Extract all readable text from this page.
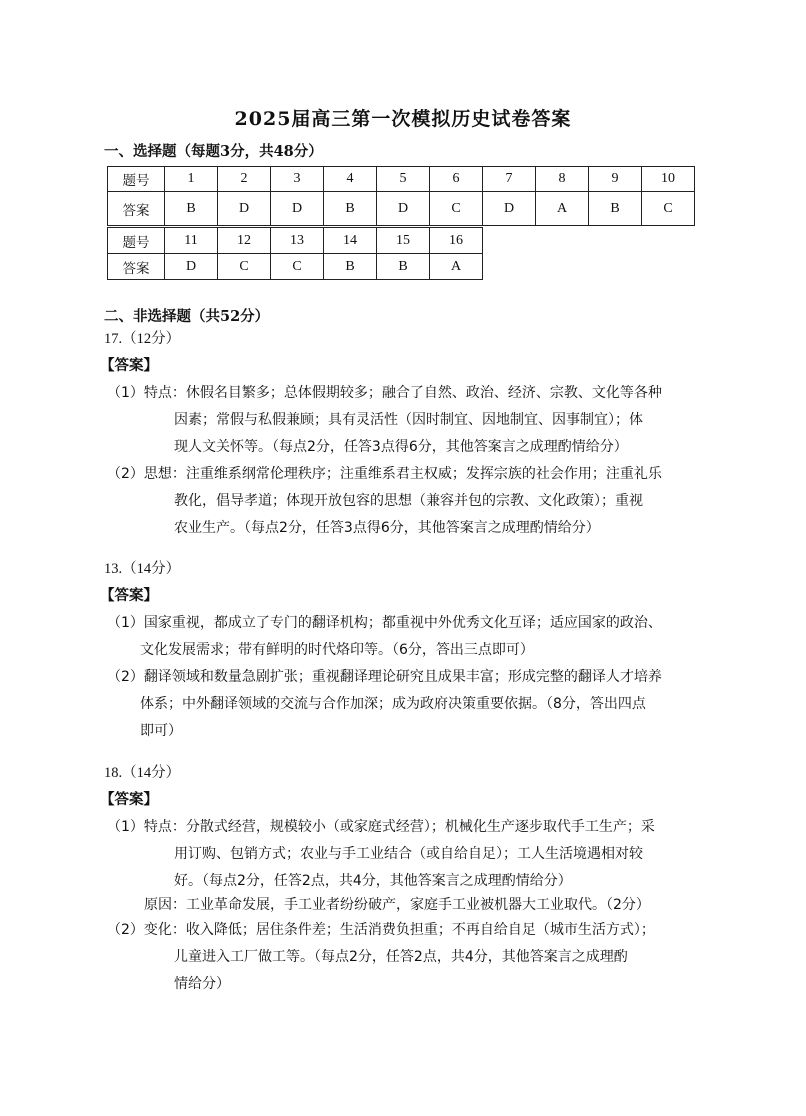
2025届高三第一次模拟历史试卷答案
一、选择题（每题3分，共48分）
题号	1	2	3	4	5	6	7	8	9	10
答案	B	D	D	B	D	C	D	A	B	C
题号	11	12	13	14	15	16
答案	D	C	C	B	B	A
二、非选择题（共52分）
17.（12分）
【答案】
（1）特点：休假名目繁多；总体假期较多；融合了自然、政治、经济、宗教、文化等各种
因素；常假与私假兼顾；具有灵活性（因时制宜、因地制宜、因事制宜）；体
现人文关怀等。（每点2分，任答3点得6分，其他答案言之成理酌情给分）
（2）思想：注重维系纲常伦理秩序；注重维系君主权威；发挥宗族的社会作用；注重礼乐
教化，倡导孝道；体现开放包容的思想（兼容并包的宗教、文化政策）；重视
农业生产。（每点2分，任答3点得6分，其他答案言之成理酌情给分）
13.（14分）
【答案】
（1）国家重视，都成立了专门的翻译机构；都重视中外优秀文化互译；适应国家的政治、
文化发展需求；带有鲜明的时代烙印等。（6分，答出三点即可）
（2）翻译领域和数量急剧扩张；重视翻译理论研究且成果丰富；形成完整的翻译人才培养
体系；中外翻译领域的交流与合作加深；成为政府决策重要依据。（8分，答出四点
即可）
18.（14分）
【答案】
（1）特点：分散式经营，规模较小（或家庭式经营）；机械化生产逐步取代手工生产；采
用订购、包销方式；农业与手工业结合（或自给自足）；工人生活境遇相对较
好。（每点2分，任答2点，共4分，其他答案言之成理酌情给分）
原因：工业革命发展，手工业者纷纷破产，家庭手工业被机器大工业取代。（2分）
（2）变化：收入降低；居住条件差；生活消费负担重；不再自给自足（城市生活方式）；
儿童进入工厂做工等。（每点2分，任答2点，共4分，其他答案言之成理酌
情给分）
